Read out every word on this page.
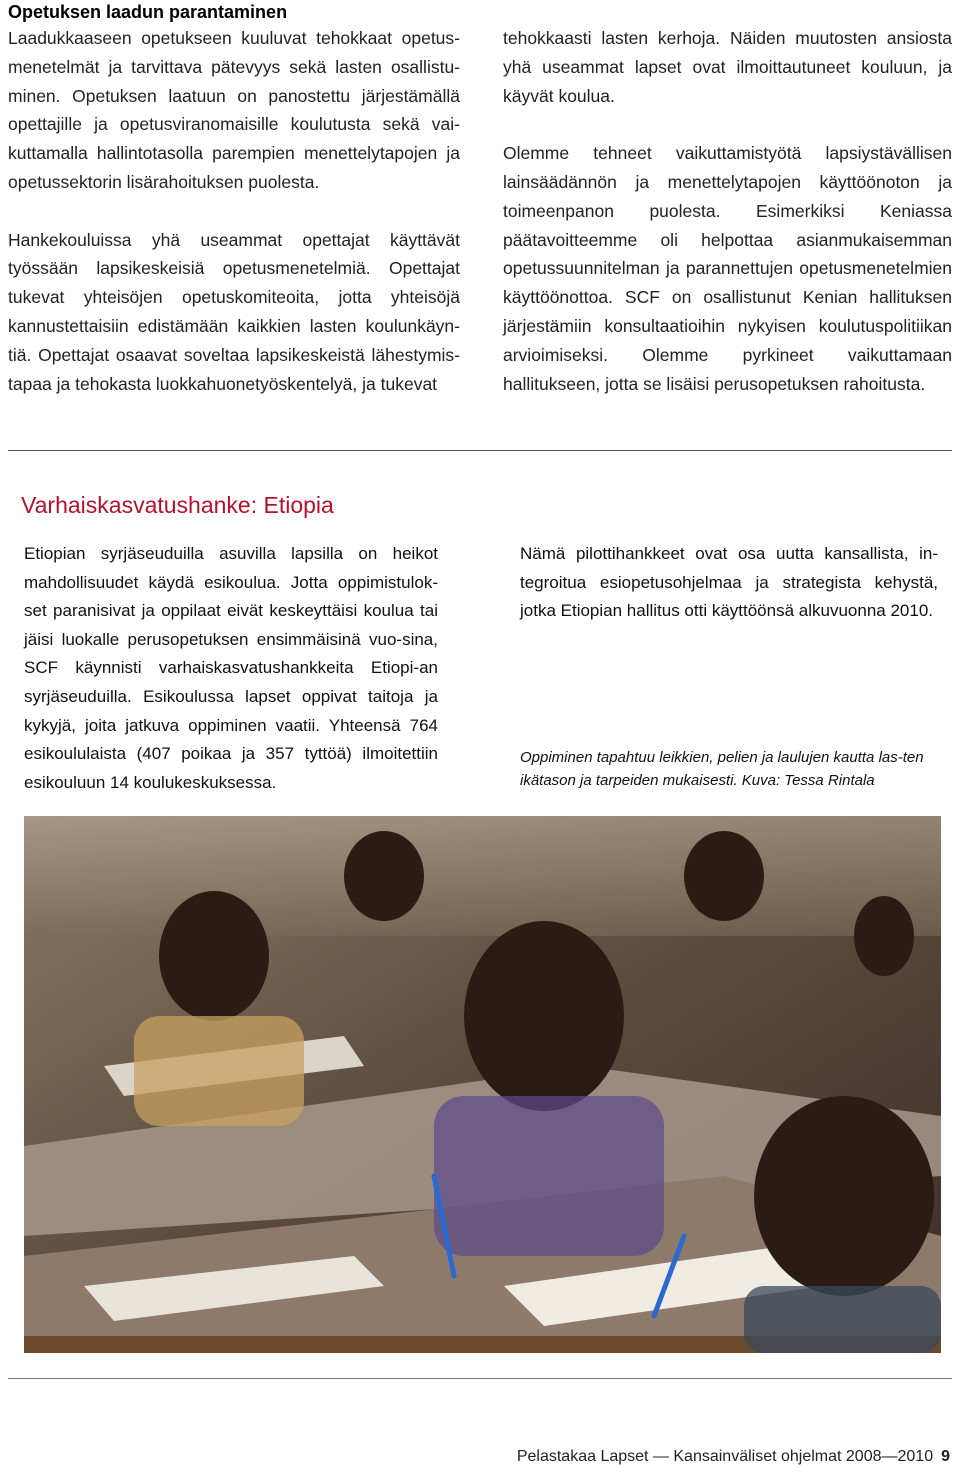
Opetuksen laadun parantaminen

Laadukkaaseen opetukseen kuuluvat tehokkaat opetus-menetelmät ja tarvittava pätevyys sekä lasten osallistu-minen. Opetuksen laatuun on panostettu järjestämällä opettajille ja opetusviranomaisille koulutusta sekä vai-kuttamalla hallintotasolla parempien menettelytapojen ja opetussektorin lisärahoituksen puolesta.

Hankekouluissa yhä useammat opettajat käyttävät työssään lapsikeskeisiä opetusmenetelmiä. Opettajat tukevat yhteisöjen opetuskomiteoita, jotta yhteisöjä kannustettaisiin edistämään kaikkien lasten koulunkäyn-tiä. Opettajat osaavat soveltaa lapsikeskeistä lähestymis-tapaa ja tehokasta luokkahuonetyöskentelyä, ja tukevat

tehokkaasti lasten kerhoja. Näiden muutosten ansiosta yhä useammat lapset ovat ilmoittautuneet kouluun, ja käyvät koulua.

Olemme tehneet vaikuttamistyötä lapsiystävällisen lainsäädännön ja menettelytapojen käyttöönoton ja toimeenpanon puolesta. Esimerkiksi Keniassa päätavoitteemme oli helpottaa asianmukaisemman opetussuunnitelman ja parannettujen opetusmenetelmien käyttöönottoa. SCF on osallistunut Kenian hallituksen järjestämiin konsultaatioihin nykyisen koulutuspolitiikan arvioimiseksi. Olemme pyrkineet vaikuttamaan hallitukseen, jotta se lisäisi perusopetuksen rahoitusta.

Varhaiskasvatushanke: Etiopia
Etiopian syrjäseuduilla asuvilla lapsilla on heikot mahdollisuudet käydä esikoulua. Jotta oppimistulok-set paranisivat ja oppilaat eivät keskeyttäisi koulua tai jäisi luokalle perusopetuksen ensimmäisinä vuo-sina, SCF käynnisti varhaiskasvatushankkeita Etiopi-an syrjäseuduilla. Esikoulussa lapset oppivat taitoja ja kykyjä, joita jatkuva oppiminen vaatii. Yhteensä 764 esikoululaista (407 poikaa ja 357 tyttöä) ilmoitettiin esikouluun 14 koulukeskuksessa.
Nämä pilottihankkeet ovat osa uutta kansallista, in-tegroitua esiopetusohjelmaa ja strategista kehystä, jotka Etiopian hallitus otti käyttöönsä alkuvuonna 2010.
Oppiminen tapahtuu leikkien, pelien ja laulujen kautta las-ten ikätason ja tarpeiden mukaisesti. Kuva: Tessa Rintala
Pelastakaa Lapset — Kansainväliset ohjelmat 2008—2010 9
